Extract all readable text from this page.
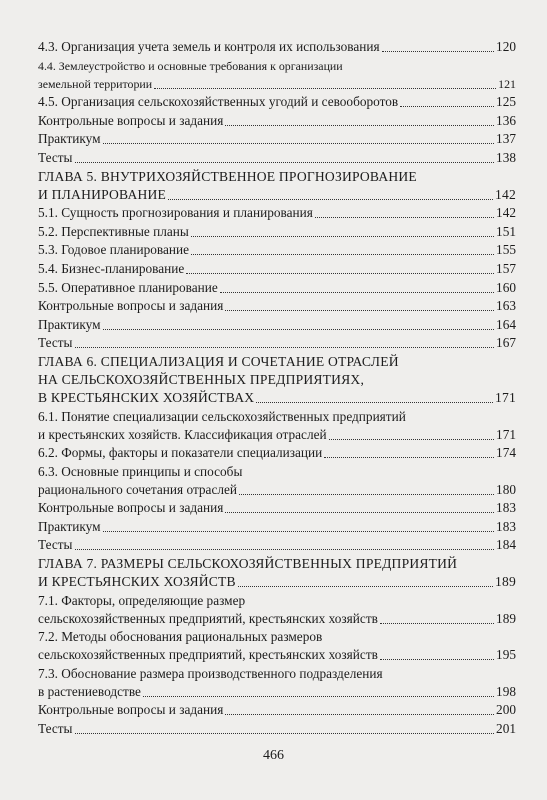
4.3. Организация учета земель и контроля их использования	120
4.4. Землеустройство и основные требования к организации
земельной территории	121
4.5. Организация сельскохозяйственных угодий и севооборотов	125
Контрольные вопросы и задания	136
Практикум	137
Тесты	138
ГЛАВА 5. ВНУТРИХОЗЯЙСТВЕННОЕ ПРОГНОЗИРОВАНИЕ
И ПЛАНИРОВАНИЕ	142
5.1. Сущность прогнозирования и планирования	142
5.2. Перспективные планы	151
5.3. Годовое планирование	155
5.4. Бизнес-планирование	157
5.5. Оперативное планирование	160
Контрольные вопросы и задания	163
Практикум	164
Тесты	167
ГЛАВА 6. СПЕЦИАЛИЗАЦИЯ И СОЧЕТАНИЕ ОТРАСЛЕЙ
НА СЕЛЬСКОХОЗЯЙСТВЕННЫХ ПРЕДПРИЯТИЯХ,
В КРЕСТЬЯНСКИХ ХОЗЯЙСТВАХ	171
6.1. Понятие специализации сельскохозяйственных предприятий
и крестьянских хозяйств. Классификация отраслей	171
6.2. Формы, факторы и показатели специализации	174
6.3. Основные принципы и способы
рационального сочетания отраслей	180
Контрольные вопросы и задания	183
Практикум	183
Тесты	184
ГЛАВА 7. РАЗМЕРЫ СЕЛЬСКОХОЗЯЙСТВЕННЫХ ПРЕДПРИЯТИЙ
И КРЕСТЬЯНСКИХ ХОЗЯЙСТВ	189
7.1. Факторы, определяющие размер
сельскохозяйственных предприятий, крестьянских хозяйств	189
7.2. Методы обоснования рациональных размеров
сельскохозяйственных предприятий, крестьянских хозяйств	195
7.3. Обоснование размера производственного подразделения
в растениеводстве	198
Контрольные вопросы и задания	200
Тесты	201
466
